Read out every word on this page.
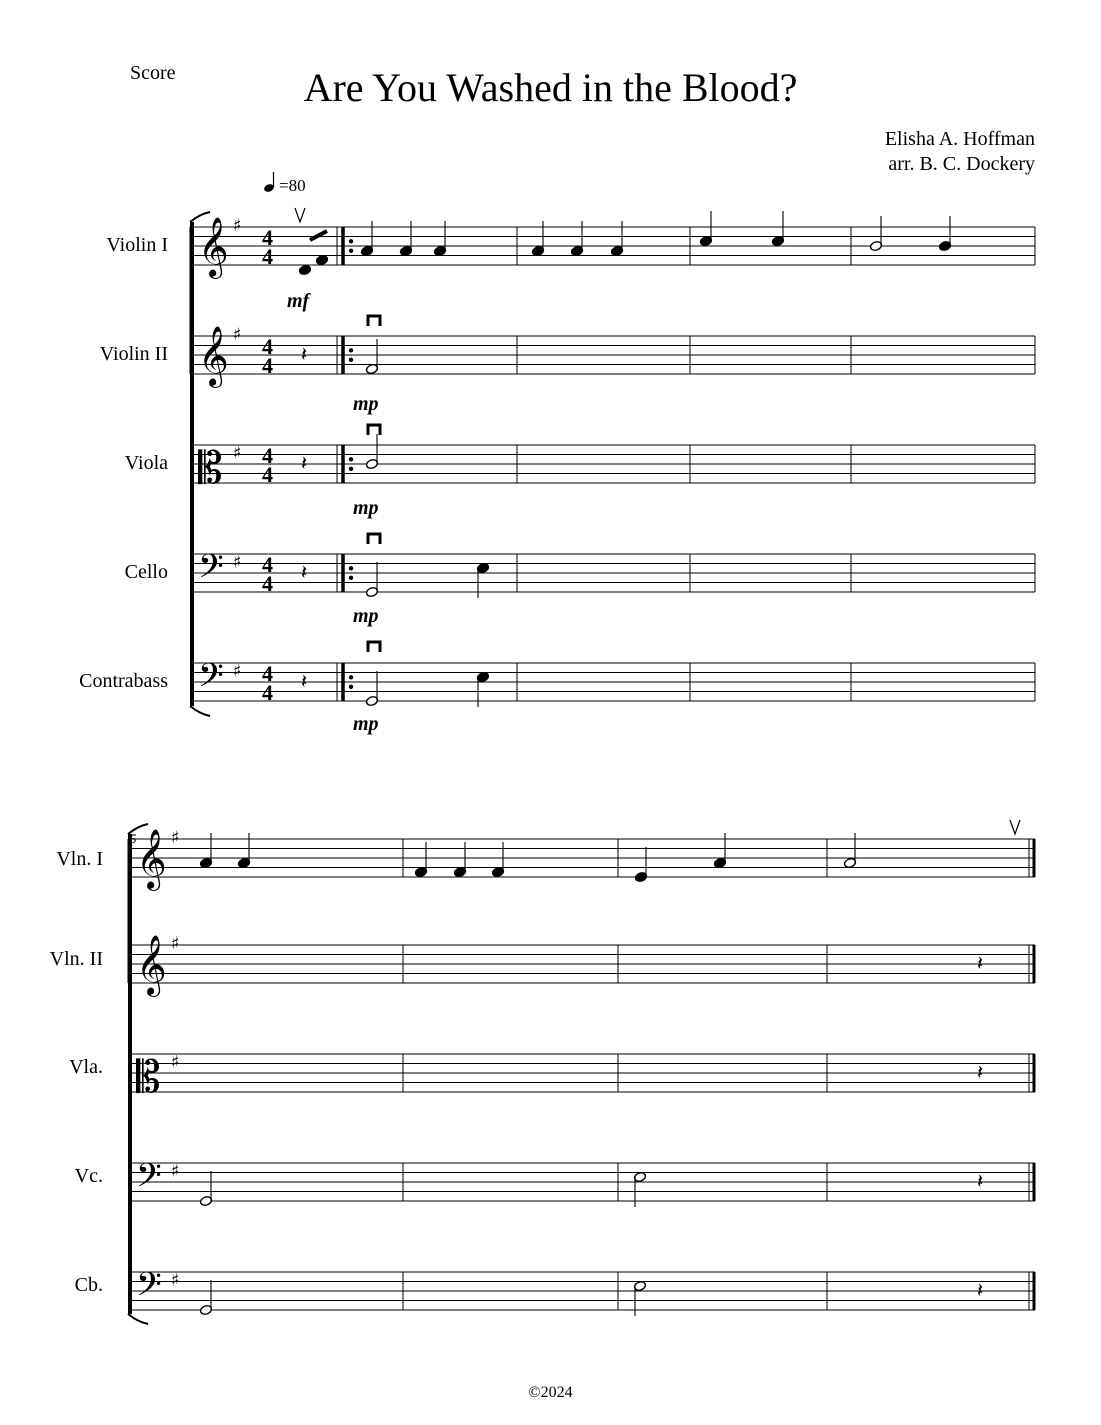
Score	Are You Washed in the Blood?
Elisha A. Hoffman
arr. B. C. Dockery
=80
Violin I
Violin II
Viola
Cello
Contrabass
Vln. I
Vln. II
Vla.
Vc.
Cb.
©2024
𝄞 ♯ 4
4
𝄞 ♯ 4
4
𝄡 ♯ 4
4
𝄢 ♯ 4
4
𝄢 ♯ 4
4
𝄽
𝄽
𝄽
𝄽
𝄞 ♯
𝄞 ♯
𝄡 ♯
𝄢 ♯
𝄢 ♯
𝄽
𝄽
𝄽
𝄽
mf
mp
mp
mp
mp
5
